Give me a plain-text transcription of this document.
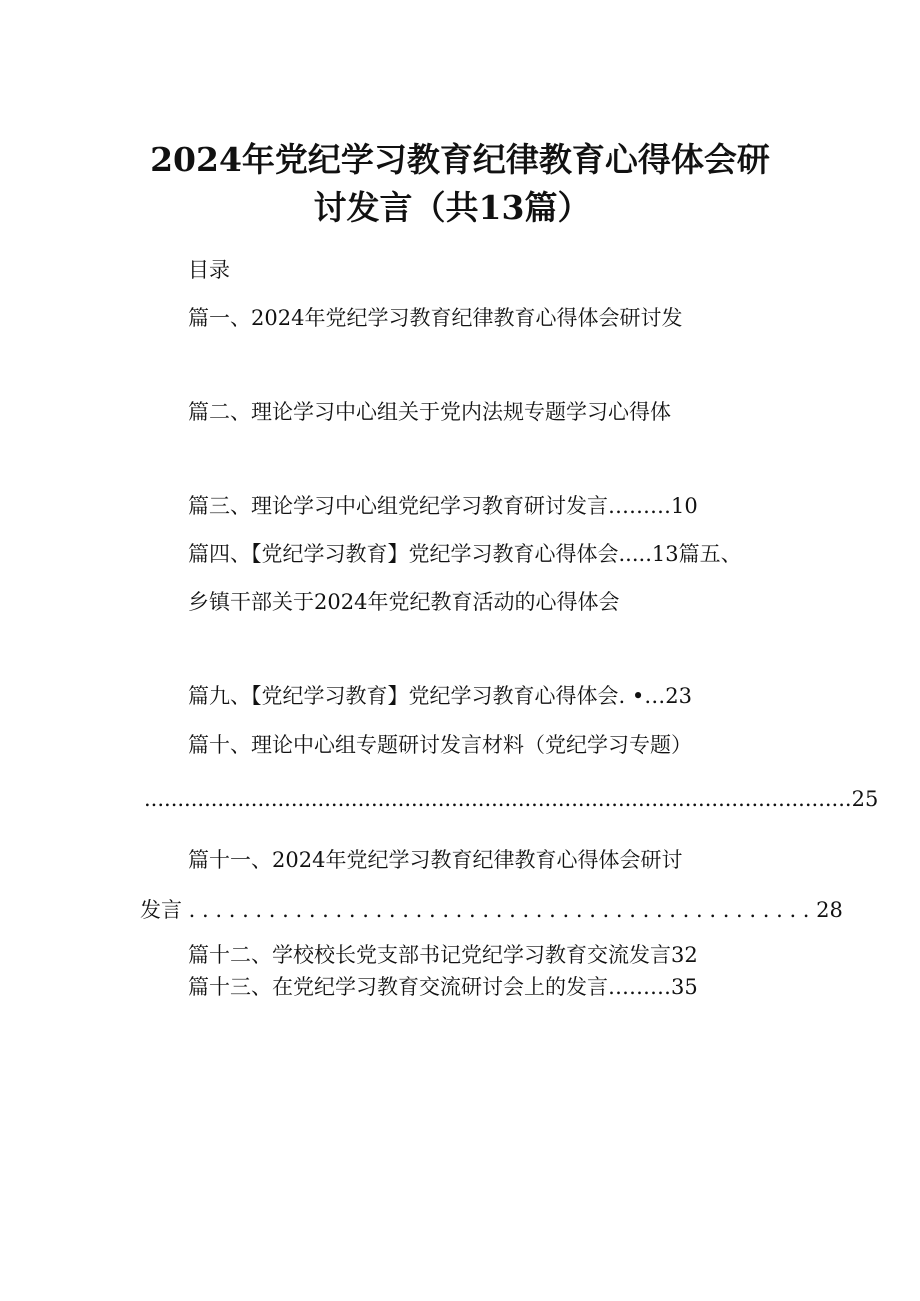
2024年党纪学习教育纪律教育心得体会研
讨发言（共13篇）
目录
篇一、2024年党纪学习教育纪律教育心得体会研讨发
篇二、理论学习中心组关于党内法规专题学习心得体
篇三、理论学习中心组党纪学习教育研讨发言………10
篇四、【党纪学习教育】党纪学习教育心得体会.....13篇五、
乡镇干部关于2024年党纪教育活动的心得体会
篇九、【党纪学习教育】党纪学习教育心得体会. •…23
篇十、理论中心组专题研讨发言材料（党纪学习专题）
..........................................................................................................25
篇十一、2024年党纪学习教育纪律教育心得体会研讨
发言 . . . . . . . . . . . . . . . . . . . . . . . . . . . . . . . . . . . . . . . . . . . . . . . 28
篇十二、学校校长党支部书记党纪学习教育交流发言32
篇十三、在党纪学习教育交流研讨会上的发言………35
